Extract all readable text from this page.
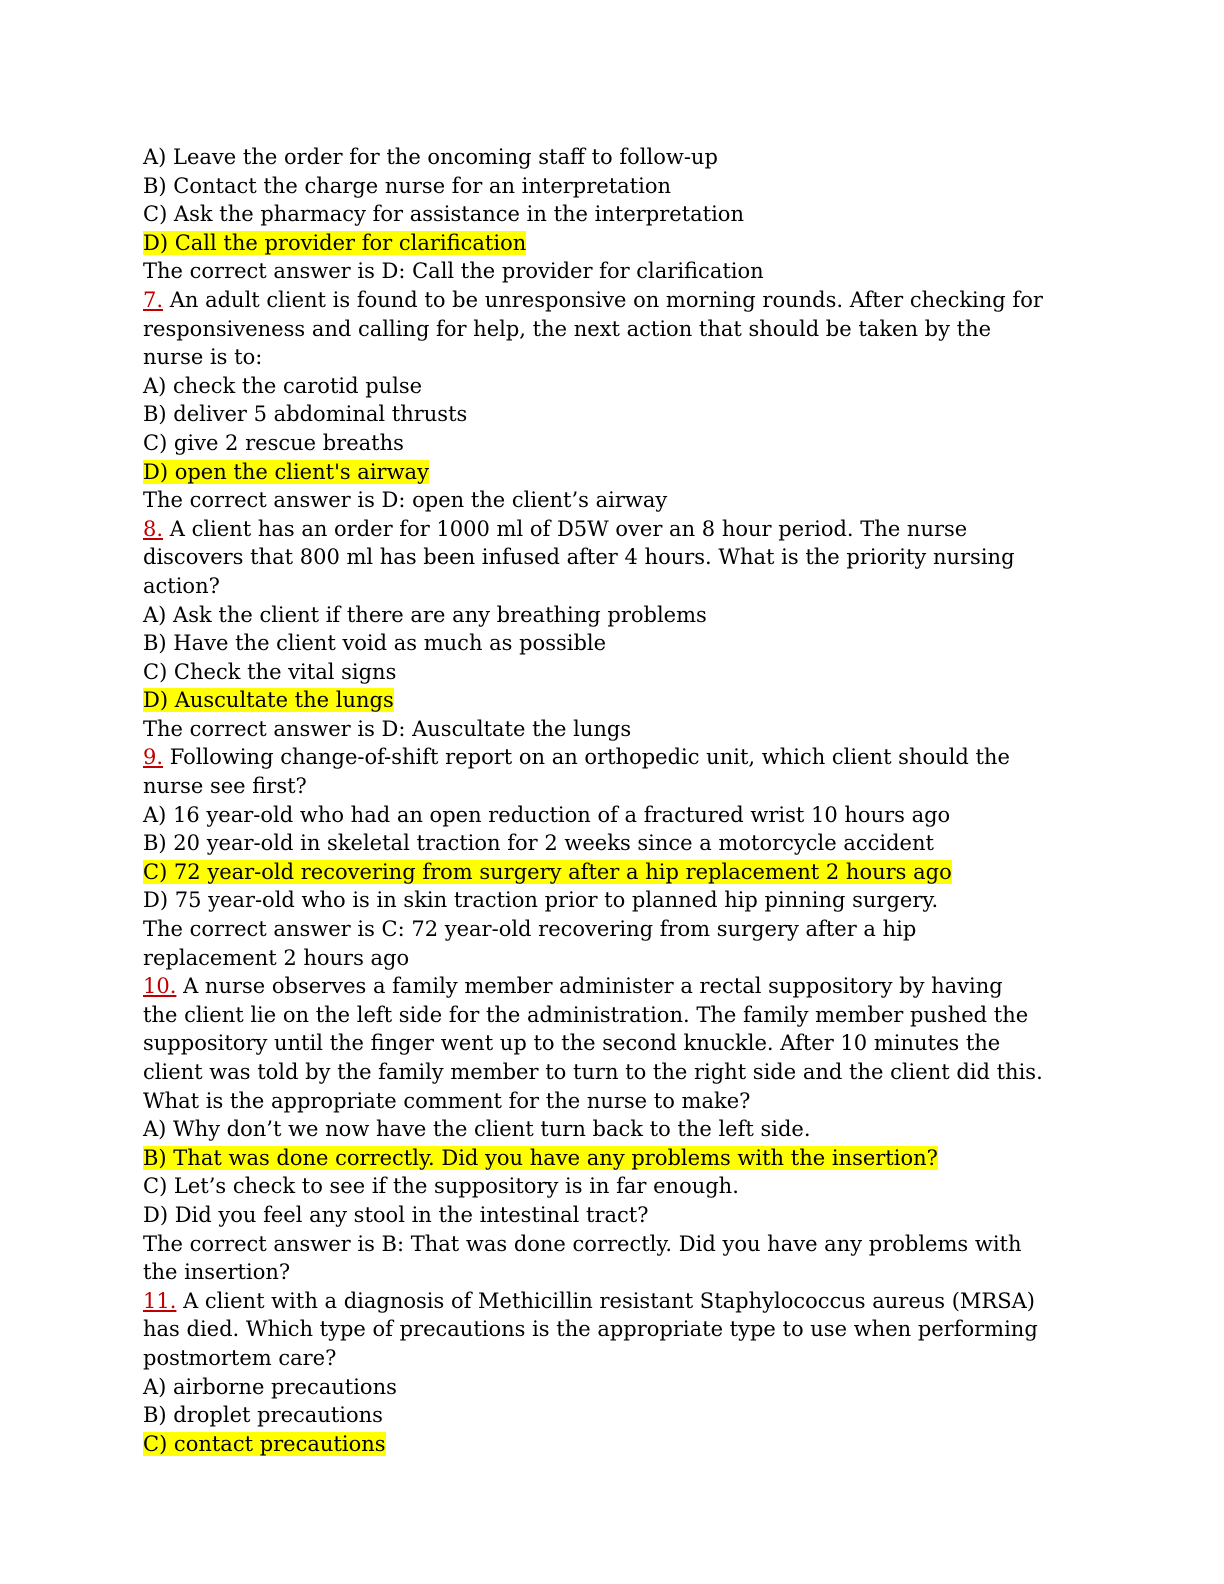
A) Leave the order for the oncoming staff to follow-up
B) Contact the charge nurse for an interpretation
C) Ask the pharmacy for assistance in the interpretation
D) Call the provider for clarification
The correct answer is D: Call the provider for clarification
7. An adult client is found to be unresponsive on morning rounds. After checking for responsiveness and calling for help, the next action that should be taken by the nurse is to:
A) check the carotid pulse
B) deliver 5 abdominal thrusts
C) give 2 rescue breaths
D) open the client's airway
The correct answer is D: open the client’s airway
8. A client has an order for 1000 ml of D5W over an 8 hour period. The nurse discovers that 800 ml has been infused after 4 hours. What is the priority nursing action?
A) Ask the client if there are any breathing problems
B) Have the client void as much as possible
C) Check the vital signs
D) Auscultate the lungs
The correct answer is D: Auscultate the lungs
9. Following change-of-shift report on an orthopedic unit, which client should the nurse see first?
A) 16 year-old who had an open reduction of a fractured wrist 10 hours ago
B) 20 year-old in skeletal traction for 2 weeks since a motorcycle accident
C) 72 year-old recovering from surgery after a hip replacement 2 hours ago
D) 75 year-old who is in skin traction prior to planned hip pinning surgery.
The correct answer is C: 72 year-old recovering from surgery after a hip replacement 2 hours ago
10. A nurse observes a family member administer a rectal suppository by having the client lie on the left side for the administration. The family member pushed the suppository until the finger went up to the second knuckle. After 10 minutes the client was told by the family member to turn to the right side and the client did this. What is the appropriate comment for the nurse to make?
A) Why don’t we now have the client turn back to the left side.
B) That was done correctly. Did you have any problems with the insertion?
C) Let’s check to see if the suppository is in far enough.
D) Did you feel any stool in the intestinal tract?
The correct answer is B: That was done correctly. Did you have any problems with the insertion?
11. A client with a diagnosis of Methicillin resistant Staphylococcus aureus (MRSA) has died. Which type of precautions is the appropriate type to use when performing postmortem care?
A) airborne precautions
B) droplet precautions
C) contact precautions
